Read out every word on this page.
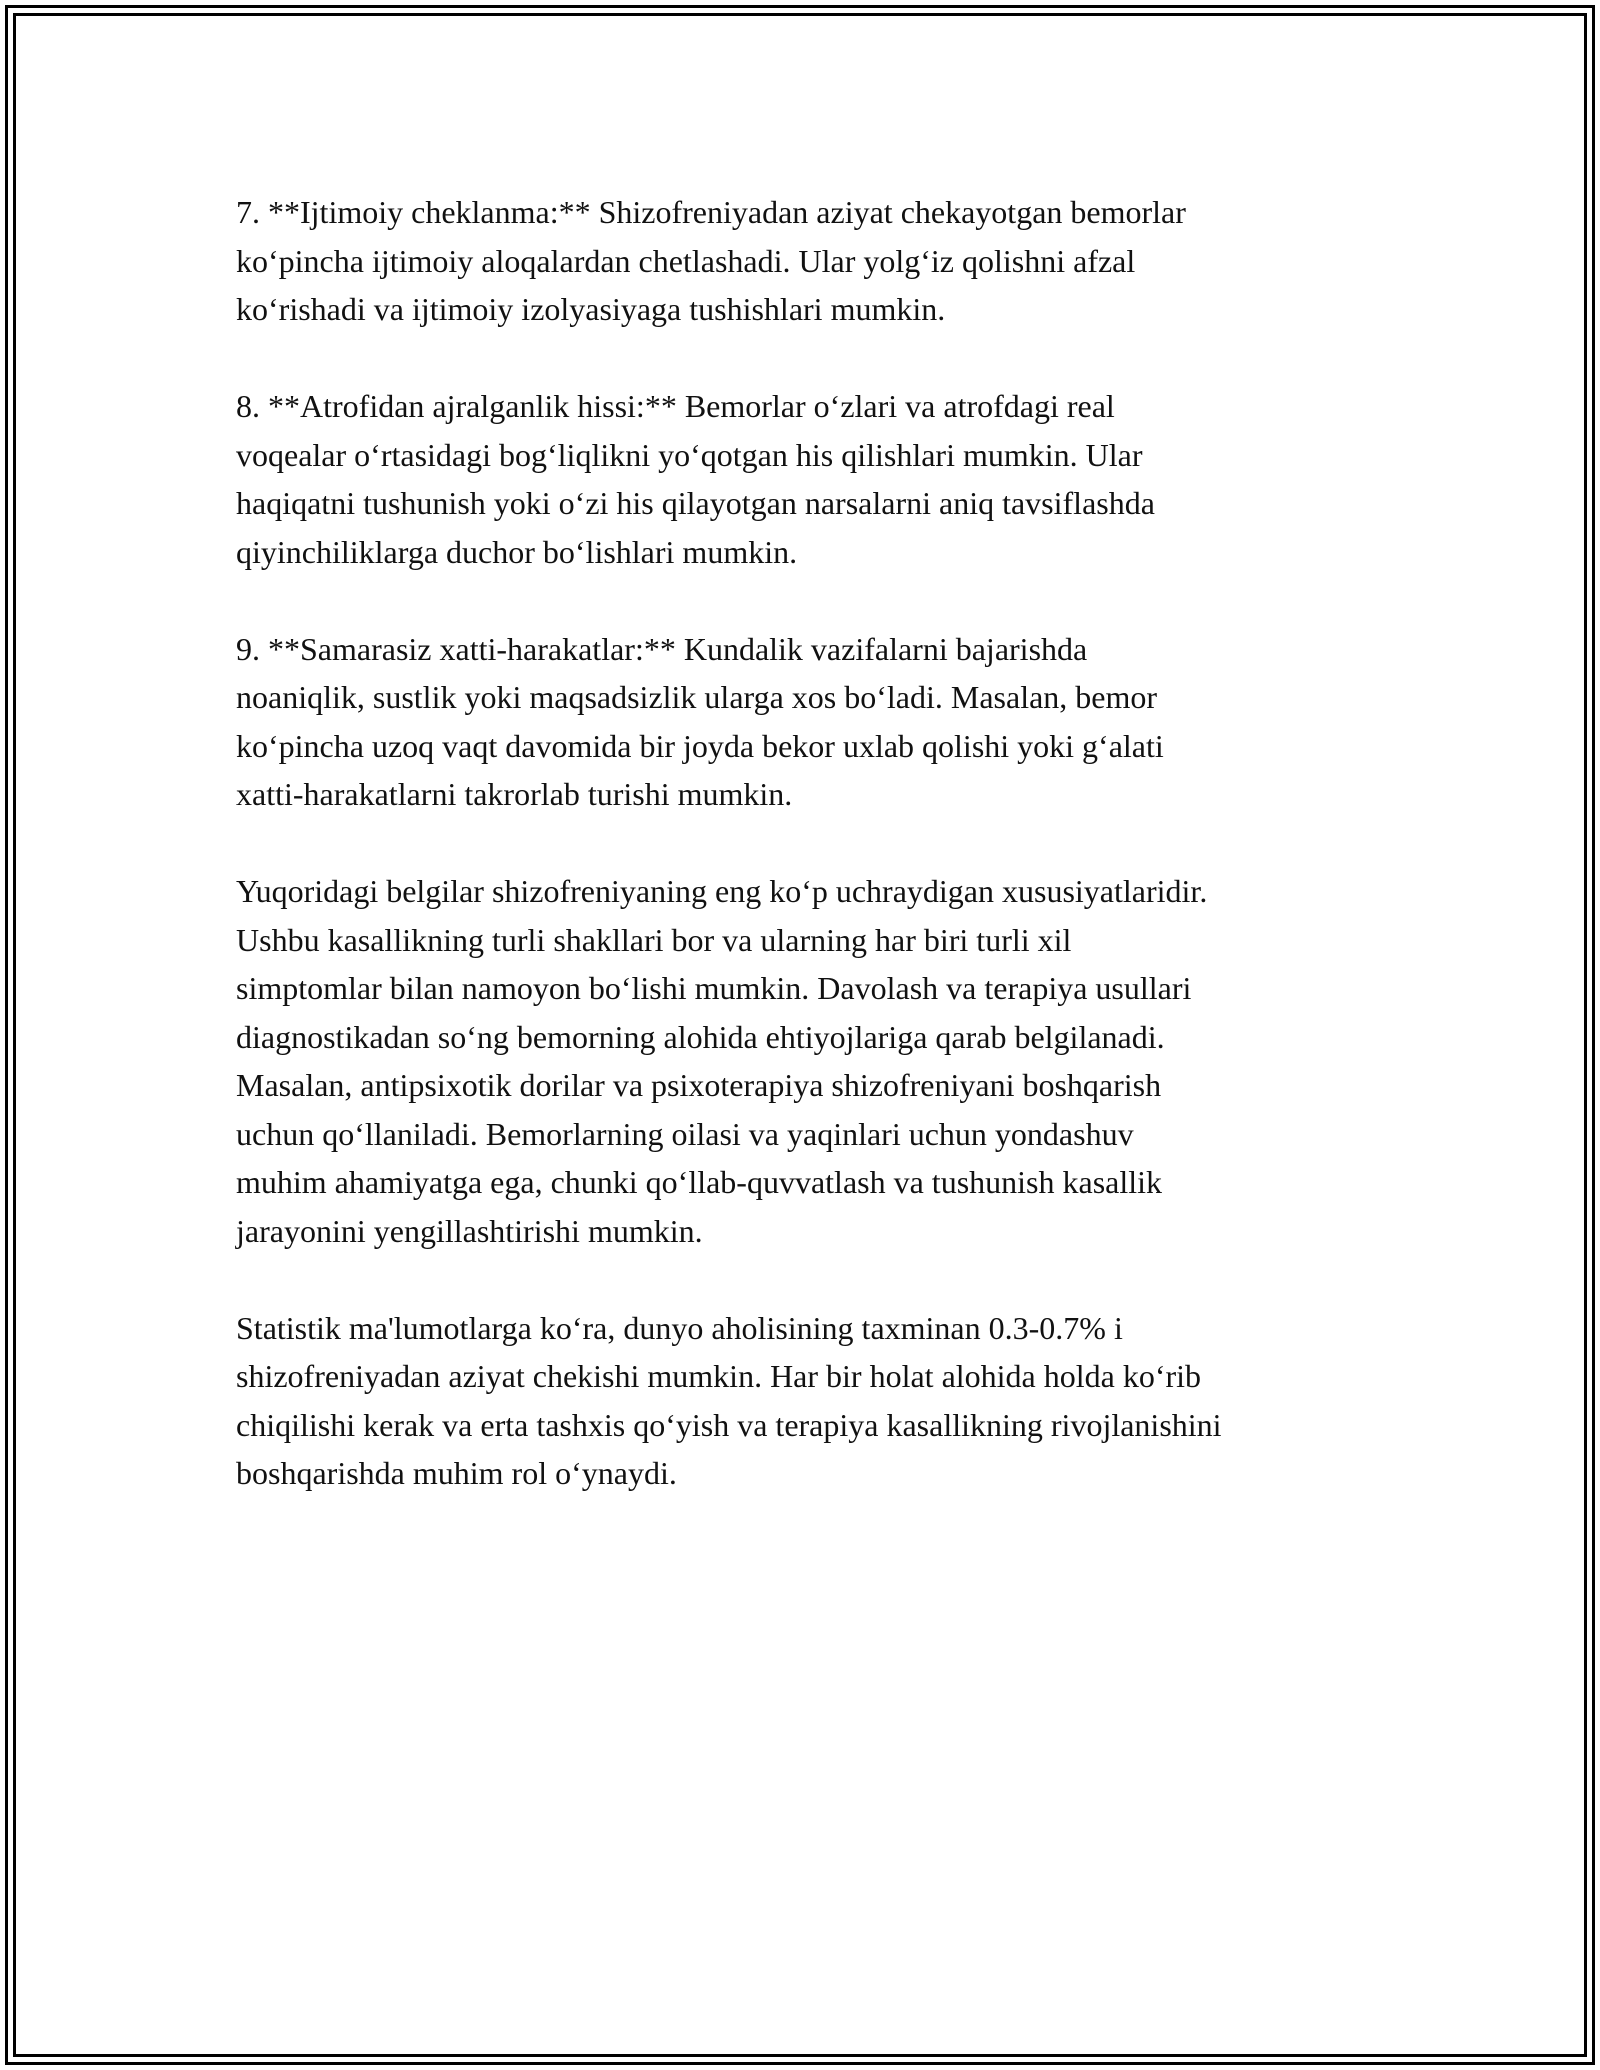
7. **Ijtimoiy cheklanma:** Shizofreniyadan aziyat chekayotgan bemorlar
ko‘pincha ijtimoiy aloqalardan chetlashadi. Ular yolg‘iz qolishni afzal
ko‘rishadi va ijtimoiy izolyasiyaga tushishlari mumkin.

8. **Atrofidan ajralganlik hissi:** Bemorlar o‘zlari va atrofdagi real
voqealar o‘rtasidagi bog‘liqlikni yo‘qotgan his qilishlari mumkin. Ular
haqiqatni tushunish yoki o‘zi his qilayotgan narsalarni aniq tavsiflashda
qiyinchiliklarga duchor bo‘lishlari mumkin.

9. **Samarasiz xatti-harakatlar:** Kundalik vazifalarni bajarishda
noaniqlik, sustlik yoki maqsadsizlik ularga xos bo‘ladi. Masalan, bemor
ko‘pincha uzoq vaqt davomida bir joyda bekor uxlab qolishi yoki g‘alati
xatti-harakatlarni takrorlab turishi mumkin.

Yuqoridagi belgilar shizofreniyaning eng ko‘p uchraydigan xususiyatlaridir.
Ushbu kasallikning turli shakllari bor va ularning har biri turli xil
simptomlar bilan namoyon bo‘lishi mumkin. Davolash va terapiya usullari
diagnostikadan so‘ng bemorning alohida ehtiyojlariga qarab belgilanadi.
Masalan, antipsixotik dorilar va psixoterapiya shizofreniyani boshqarish
uchun qo‘llaniladi. Bemorlarning oilasi va yaqinlari uchun yondashuv
muhim ahamiyatga ega, chunki qo‘llab-quvvatlash va tushunish kasallik
jarayonini yengillashtirishi mumkin.

Statistik ma'lumotlarga ko‘ra, dunyo aholisining taxminan 0.3-0.7% i
shizofreniyadan aziyat chekishi mumkin. Har bir holat alohida holda ko‘rib
chiqilishi kerak va erta tashxis qo‘yish va terapiya kasallikning rivojlanishini
boshqarishda muhim rol o‘ynaydi.
